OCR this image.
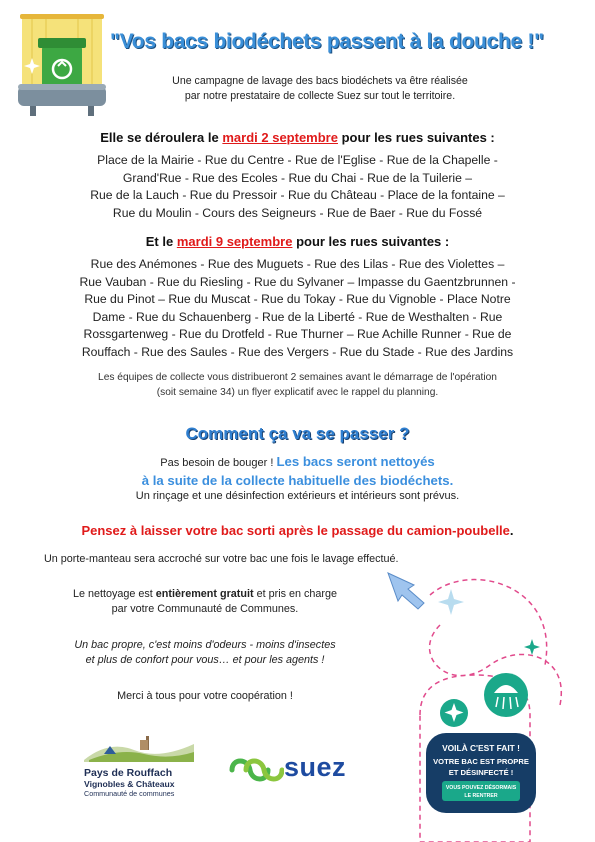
"Vos bacs biodéchets passent à la douche !"
Une campagne de lavage des bacs biodéchets va être réalisée
par notre prestataire de collecte Suez sur tout le territoire.
Elle se déroulera le mardi 2 septembre pour les rues suivantes :
Place de la Mairie - Rue du Centre - Rue de l'Eglise - Rue de la Chapelle -
Grand'Rue - Rue des Ecoles - Rue du Chai - Rue de la Tuilerie –
Rue de la Lauch - Rue du Pressoir - Rue du Château - Place de la fontaine –
Rue du Moulin - Cours des Seigneurs - Rue de Baer - Rue du Fossé
Et le mardi 9 septembre pour les rues suivantes :
Rue des Anémones - Rue des Muguets - Rue des Lilas - Rue des Violettes –
Rue Vauban - Rue du Riesling - Rue du Sylvaner – Impasse du Gaentzbrunnen -
Rue du Pinot – Rue du Muscat - Rue du Tokay - Rue du Vignoble - Place Notre
Dame - Rue du Schauenberg - Rue de la Liberté - Rue de Westhalten - Rue
Rossgartenweg - Rue du Drotfeld - Rue Thurner – Rue Achille Runner - Rue de
Rouffach - Rue des Saules - Rue des Vergers - Rue du Stade - Rue des Jardins
Les équipes de collecte vous distribueront 2 semaines avant le démarrage de l'opération
(soit semaine 34) un flyer explicatif avec le rappel du planning.
Comment ça va se passer ?
Pas besoin de bouger ! Les bacs seront nettoyés
à la suite de la collecte habituelle des biodéchets.
Un rinçage et une désinfection extérieurs et intérieurs sont prévus.
Pensez à laisser votre bac sorti après le passage du camion-poubelle.
Un porte-manteau sera accroché sur votre bac une fois le lavage effectué.
Le nettoyage est entièrement gratuit et pris en charge
par votre Communauté de Communes.
Un bac propre, c'est moins d'odeurs - moins d'insectes
et plus de confort pour vous… et pour les agents !
Merci à tous pour votre coopération !
Pays de Rouffach
Vignobles & Châteaux
Communauté de communes
suez
VOILÀ C'EST FAIT !
VOTRE BAC EST PROPRE
ET DÉSINFECTÉ !
VOUS POUVEZ DÉSORMAIS
LE RENTRER
